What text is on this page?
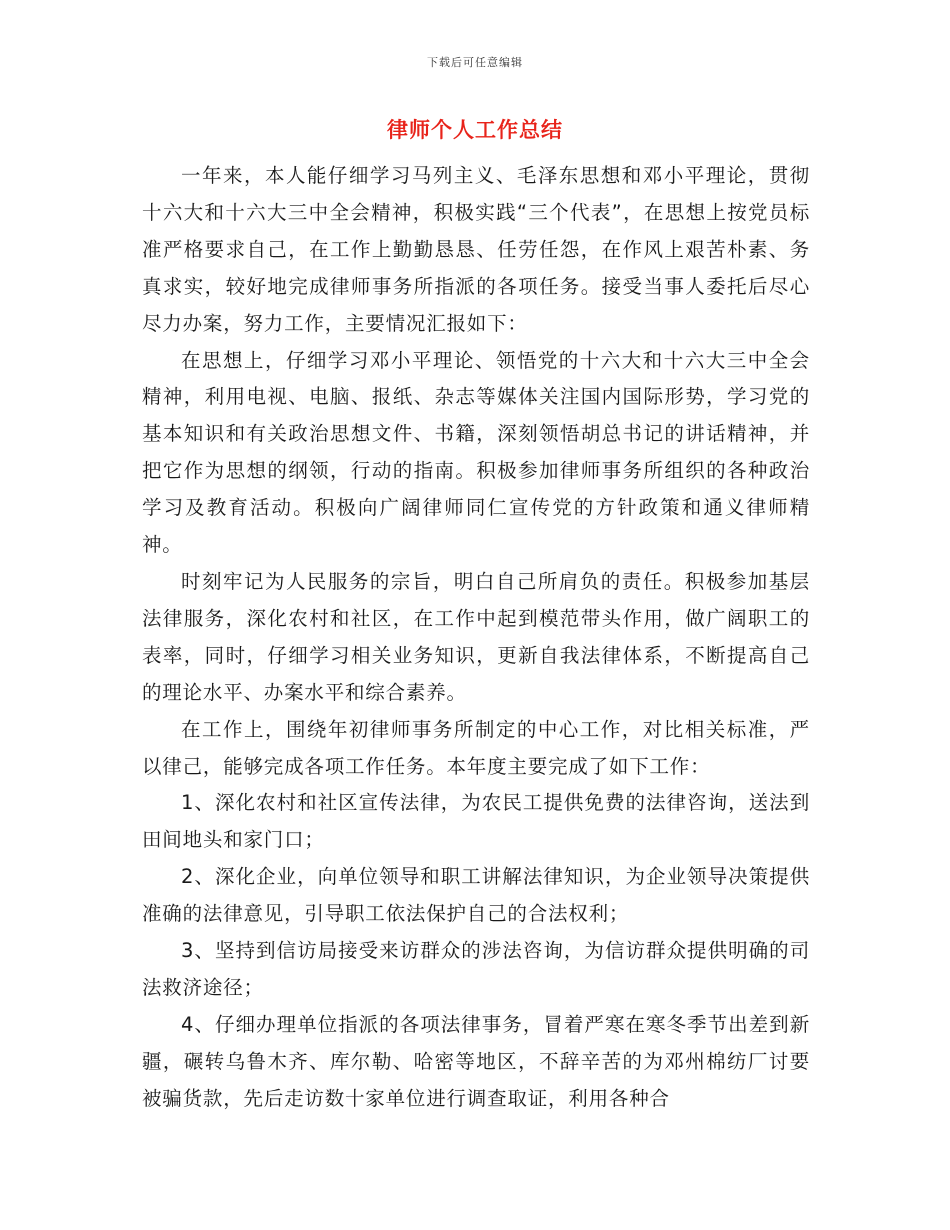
下载后可任意编辑
律师个人工作总结

一年来，本人能仔细学习马列主义、毛泽东思想和邓小平理论，贯彻十六大和十六大三中全会精神，积极实践“三个代表”，在思想上按党员标准严格要求自己，在工作上勤勤恳恳、任劳任怨，在作风上艰苦朴素、务真求实，较好地完成律师事务所指派的各项任务。接受当事人委托后尽心尽力办案，努力工作，主要情况汇报如下：

在思想上，仔细学习邓小平理论、领悟党的十六大和十六大三中全会精神，利用电视、电脑、报纸、杂志等媒体关注国内国际形势，学习党的基本知识和有关政治思想文件、书籍，深刻领悟胡总书记的讲话精神，并把它作为思想的纲领，行动的指南。积极参加律师事务所组织的各种政治学习及教育活动。积极向广阔律师同仁宣传党的方针政策和通义律师精神。

时刻牢记为人民服务的宗旨，明白自己所肩负的责任。积极参加基层法律服务，深化农村和社区，在工作中起到模范带头作用，做广阔职工的表率，同时，仔细学习相关业务知识，更新自我法律体系，不断提高自己的理论水平、办案水平和综合素养。

在工作上，围绕年初律师事务所制定的中心工作，对比相关标准，严以律己，能够完成各项工作任务。本年度主要完成了如下工作：

1、深化农村和社区宣传法律，为农民工提供免费的法律咨询，送法到田间地头和家门口；

2、深化企业，向单位领导和职工讲解法律知识，为企业领导决策提供准确的法律意见，引导职工依法保护自己的合法权利；

3、坚持到信访局接受来访群众的涉法咨询，为信访群众提供明确的司法救济途径；

4、仔细办理单位指派的各项法律事务，冒着严寒在寒冬季节出差到新疆，碾转乌鲁木齐、库尔勒、哈密等地区，不辞辛苦的为邓州棉纺厂讨要被骗货款，先后走访数十家单位进行调查取证，利用各种合
